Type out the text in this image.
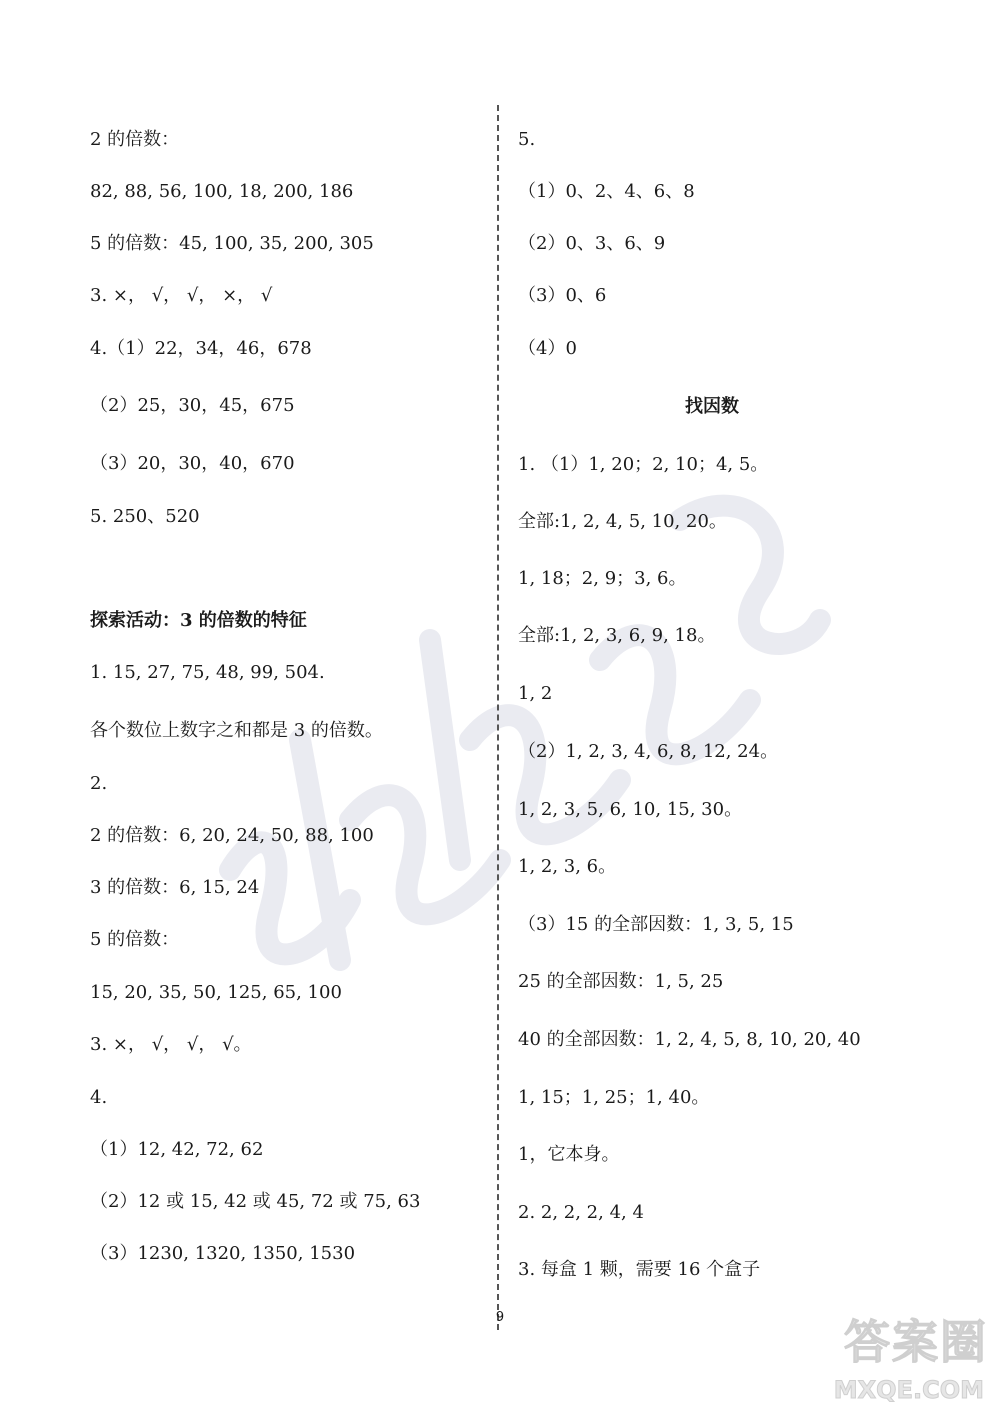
2 的倍数：
82, 88, 56, 100, 18, 200, 186
5 的倍数：45, 100, 35, 200, 305
3. ×， √， √， ×， √
4.（1）22，34，46，678
（2）25，30，45，675
（3）20，30，40，670
5. 250、520
探索活动：3 的倍数的特征
1. 15, 27, 75, 48, 99, 504.
各个数位上数字之和都是 3 的倍数。
2.
2 的倍数：6, 20, 24, 50, 88, 100
3 的倍数：6, 15, 24
5 的倍数：
15, 20, 35, 50, 125, 65, 100
3. ×， √， √， √。
4.
（1）12, 42, 72, 62
（2）12 或 15, 42 或 45, 72 或 75, 63
（3）1230, 1320, 1350, 1530
5.
（1）0、2、4、6、8
（2）0、3、6、9
（3）0、6
（4）0
找因数
1. （1）1, 20；2, 10；4, 5。
全部:1, 2, 4, 5, 10, 20。
1, 18；2, 9；3, 6。
全部:1, 2, 3, 6, 9, 18。
1, 2
（2）1, 2, 3, 4, 6, 8, 12, 24。
1, 2, 3, 5, 6, 10, 15, 30。
1, 2, 3, 6。
（3）15 的全部因数：1, 3, 5, 15
25 的全部因数：1, 5, 25
40 的全部因数：1, 2, 4, 5, 8, 10, 20, 40
1, 15；1, 25；1, 40。
1，它本身。
2. 2, 2, 2, 4, 4
3. 每盒 1 颗，需要 16 个盒子
9	答案圈
MXQE.COM
